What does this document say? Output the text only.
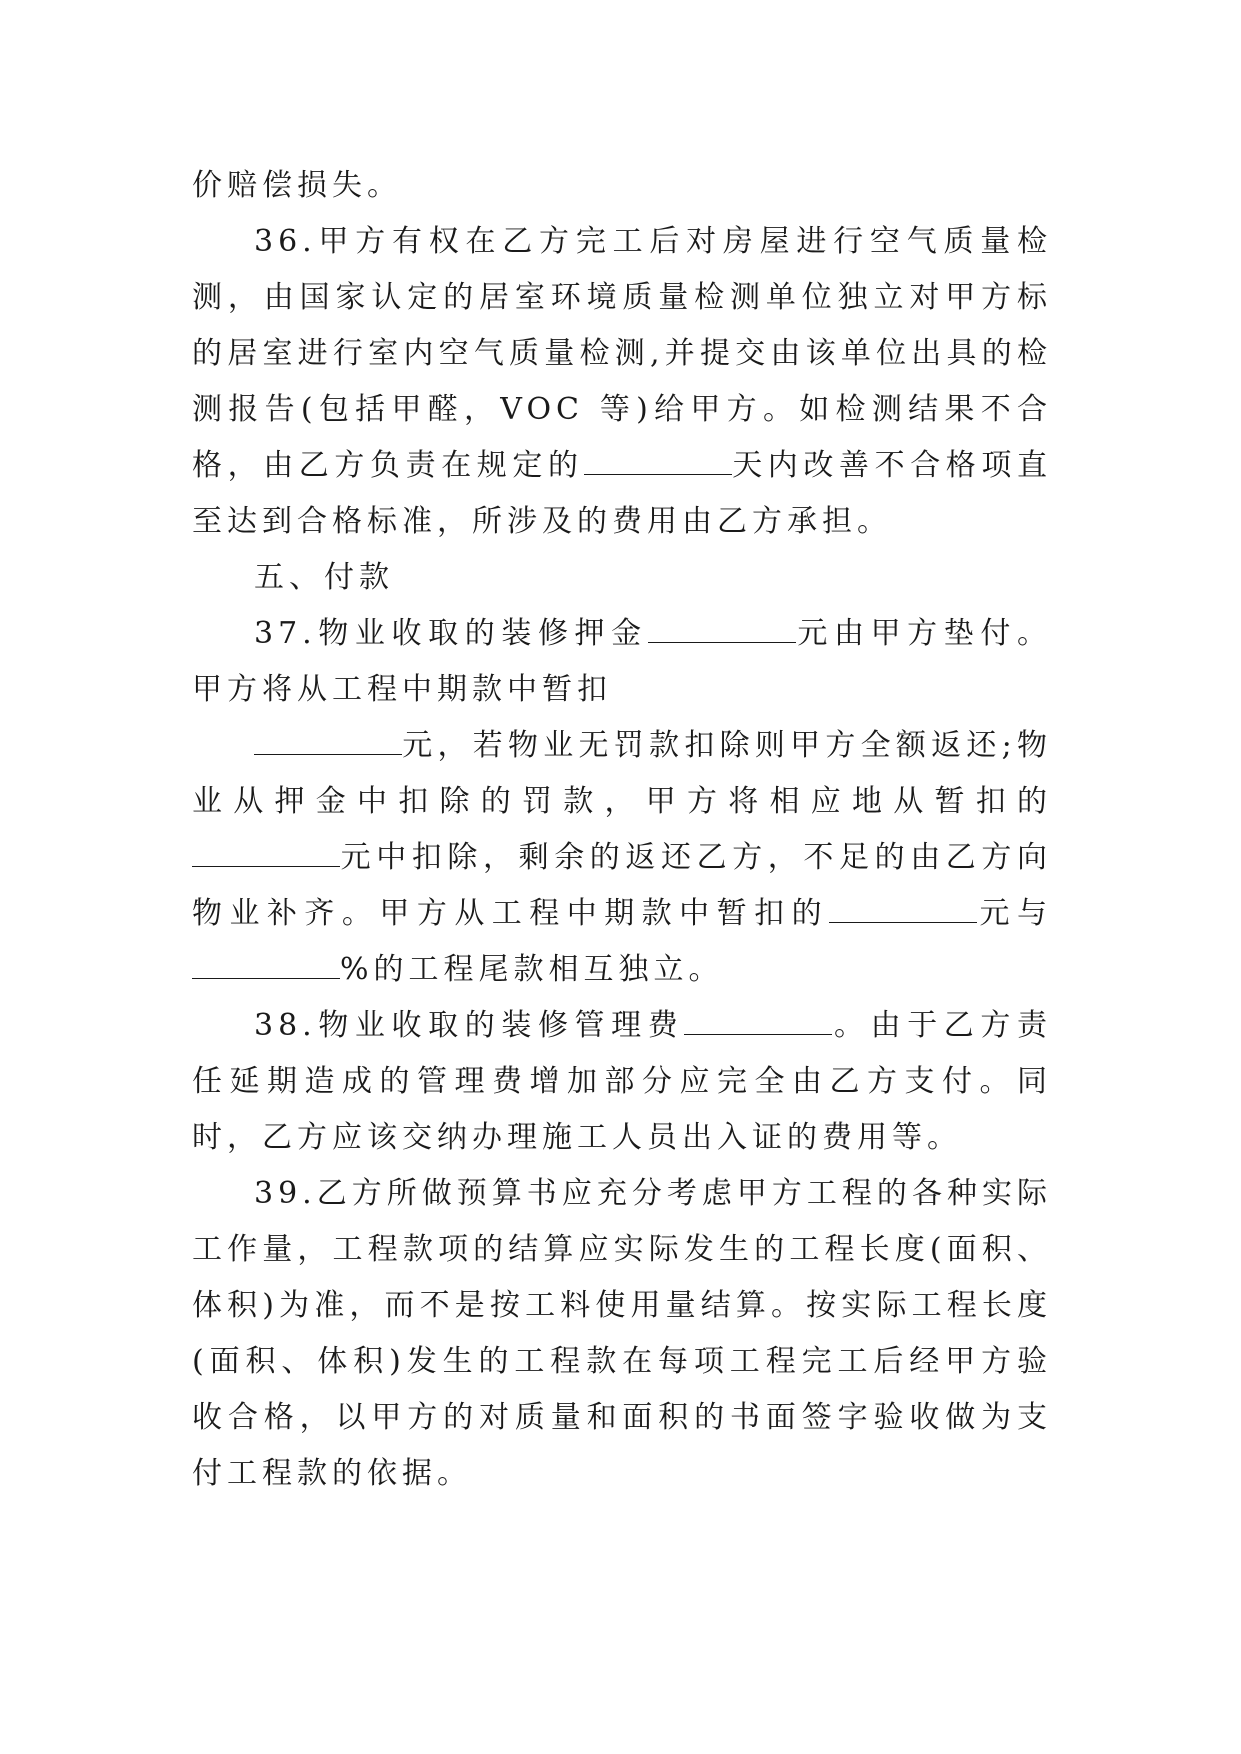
价赔偿损失。

36.甲方有权在乙方完工后对房屋进行空气质量检测，由国家认定的居室环境质量检测单位独立对甲方标的居室进行室内空气质量检测,并提交由该单位出具的检测报告(包括甲醛，VOC 等)给甲方。如检测结果不合格，由乙方负责在规定的	天内改善不合格项直至达到合格标准，所涉及的费用由乙方承担。

五、付款

37.物业收取的装修押金	元由甲方垫付。甲方将从工程中期款中暂扣

元，若物业无罚款扣除则甲方全额返还;物业从押金中扣除的罚款，甲方将相应地从暂扣的元中扣除，剩余的返还乙方，不足的由乙方向物业补齐。甲方从工程中期款中暂扣的	元与%的工程尾款相互独立。

38.物业收取的装修管理费	。由于乙方责任延期造成的管理费增加部分应完全由乙方支付。同时，乙方应该交纳办理施工人员出入证的费用等。

39.乙方所做预算书应充分考虑甲方工程的各种实际工作量，工程款项的结算应实际发生的工程长度(面积、体积)为准，而不是按工料使用量结算。按实际工程长度(面积、体积)发生的工程款在每项工程完工后经甲方验收合格，以甲方的对质量和面积的书面签字验收做为支付工程款的依据。
